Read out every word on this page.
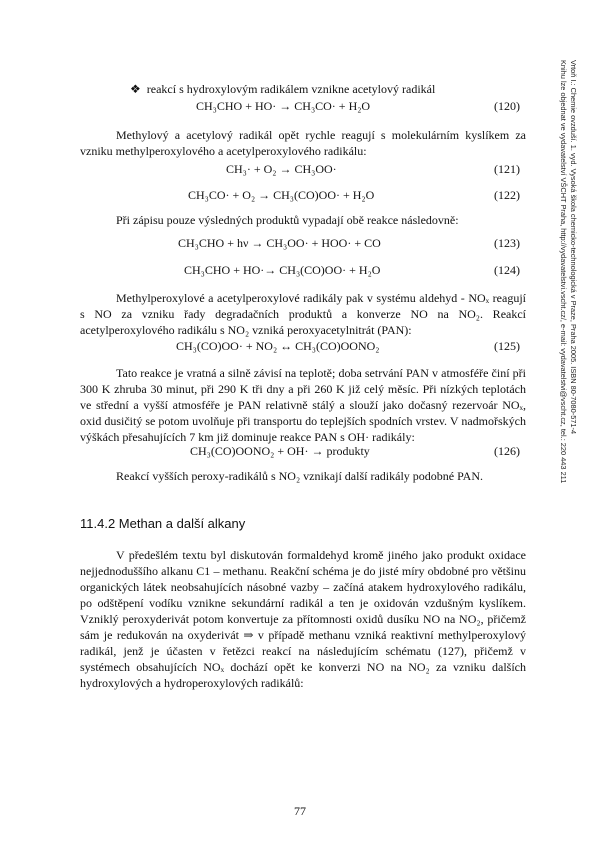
Vrtoň I.: Chemie ovzduší. 1. vyd. Vysoká škola chemicko-technologická v Praze, Praha 2005. ISBN 80-7080-571-4
Knihu lze objednat ve vydavatelství VŠCHT Praha, http://vydavatelstvi.vscht.cz/, e-mail: vydavatelstvi@vscht.cz, tel.: 220 443 211
❖ reakcí s hydroxylovým radikálem vznikne acetylový radikál
CH₃CHO + HO· → CH₃CO· + H₂O	(120)

Methylový a acetylový radikál opět rychle reagují s molekulárním kyslíkem za vzniku methylperoxylového a acetylperoxylového radikálu:

CH₃· + O₂ → CH₃OO·	(121)
CH₃CO· + O₂ → CH₃(CO)OO· + H₂O	(122)

Při zápisu pouze výsledných produktů vypadají obě reakce následovně:

CH₃CHO + hν → CH₃OO· + HOO· + CO	(123)
CH₃CHO + HO·→ CH₃(CO)OO· + H₂O	(124)

Methylperoxylové a acetylperoxylové radikály pak v systému aldehyd - NOₓ reagují s NO za vzniku řady degradačních produktů a konverze NO na NO₂. Reakcí acetylperoxylového radikálu s NO₂ vzniká peroxyacetylnitrát (PAN):

CH₃(CO)OO· + NO₂ ↔ CH₃(CO)OONO₂	(125)

Tato reakce je vratná a silně závisí na teplotě; doba setrvání PAN v atmosféře činí při 300 K zhruba 30 minut, při 290 K tři dny a při 260 K již celý měsíc. Při nízkých teplotách ve střední a vyšší atmosféře je PAN relativně stálý a slouží jako dočasný rezervoár NOₓ, oxid dusičitý se potom uvolňuje při transportu do teplejších spodních vrstev. V nadmořských výškách přesahujících 7 km již dominuje reakce PAN s OH· radikály:

CH₃(CO)OONO₂ + OH· → produkty	(126)

Reakcí vyšších peroxy-radikálů s NO₂ vznikají další radikály podobné PAN.

11.4.2 Methan a další alkany

V předešlém textu byl diskutován formaldehyd kromě jiného jako produkt oxidace nejjednoduššího alkanu C1 – methanu. Reakční schéma je do jisté míry obdobné pro většinu organických látek neobsahujících násobné vazby – začíná atakem hydroxylového radikálu, po odštěpení vodíku vznikne sekundární radikál a ten je oxidován vzdušným kyslíkem. Vzniklý peroxyderivát potom konvertuje za přítomnosti oxidů dusíku NO na NO₂, přičemž sám je redukován na oxyderivát ⇒ v případě methanu vzniká reaktivní methylperoxylový radikál, jenž je účasten v řetězci reakcí na následujícím schématu (127), přičemž v systémech obsahujících NOₓ dochází opět ke konverzi NO na NO₂ za vzniku dalších hydroxylových a hydroperoxylových radikálů:

77
